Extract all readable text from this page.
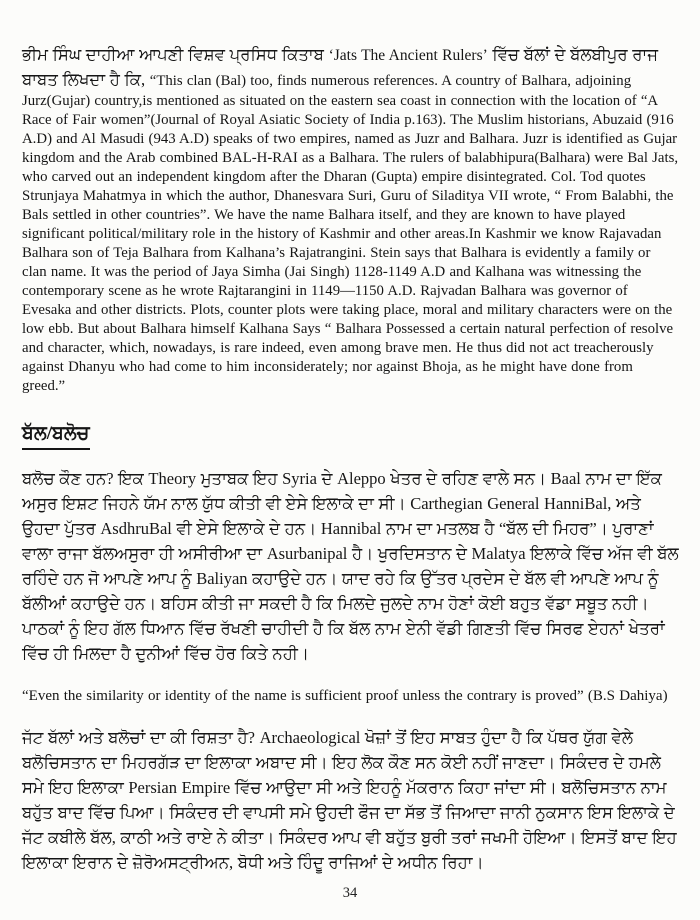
ਭੀਮ ਸਿੰਘ ਦਾਹੀਆ ਆਪਣੀ ਵਿਸ਼ਵ ਪ੍ਰਸਿਧ ਕਿਤਾਬ ‘Jats The Ancient Rulers’ ਵਿੱਚ ਬੱਲਾਂ ਦੇ ਬੱਲਬੀਪੁਰ ਰਾਜ ਬਾਬਤ ਲਿਖਦਾ ਹੈ ਕਿ, “This clan (Bal) too, finds numerous references. A country of Balhara, adjoining Jurz(Gujar) country,is mentioned as situated on the eastern sea coast in connection with the location of “A Race of Fair women”(Journal of Royal Asiatic Society of India p.163). The Muslim historians, Abuzaid (916 A.D) and Al Masudi (943 A.D) speaks of two empires, named as Juzr and Balhara. Juzr is identified as Gujar kingdom and the Arab combined BAL-H-RAI as a Balhara. The rulers of balabhipura(Balhara) were Bal Jats, who carved out an independent kingdom after the Dharan (Gupta) empire disintegrated. Col. Tod quotes Strunjaya Mahatmya in which the author, Dhanesvara Suri, Guru of Siladitya VII wrote, “ From Balabhi, the Bals settled in other countries”. We have the name Balhara itself, and they are known to have played significant political/military role in the history of Kashmir and other areas.In Kashmir we know Rajavadan Balhara son of Teja Balhara from Kalhana’s Rajatrangini. Stein says that Balhara is evidently a family or clan name. It was the period of Jaya Simha (Jai Singh) 1128-1149 A.D and Kalhana was witnessing the contemporary scene as he wrote Rajtarangini in 1149—1150 A.D. Rajvadan Balhara was governor of Evesaka and other districts. Plots, counter plots were taking place, moral and military characters were on the low ebb. But about Balhara himself Kalhana Says “ Balhara Possessed a certain natural perfection of resolve and character, which, nowadays, is rare indeed, even among brave men. He thus did not act treacherously against Dhanyu who had come to him inconsiderately; nor against Bhoja, as he might have done from greed.”

ਬੱਲ/ਬਲੋਚ

ਬਲੋਚ ਕੌਣ ਹਨ? ਇਕ Theory ਮੁਤਾਬਕ ਇਹ Syria ਦੇ Aleppo ਖੇਤਰ ਦੇ ਰਹਿਣ ਵਾਲੇ ਸਨ। Baal ਨਾਮ ਦਾ ਇੱਕ ਅਸੁਰ ਇਸ਼ਟ ਜਿਹਨੇ ਯੱਮ ਨਾਲ ਯੁੱਧ ਕੀਤੀ ਵੀ ਏਸੇ ਇਲਾਕੇ ਦਾ ਸੀ। Carthegian General HanniBal, ਅਤੇ ਉਹਦਾ ਪੁੱਤਰ AsdhruBal ਵੀ ਏਸੇ ਇਲਾਕੇ ਦੇ ਹਨ। Hannibal ਨਾਮ ਦਾ ਮਤਲਬ ਹੈ “ਬੱਲ ਦੀ ਮਿਹਰ”। ਪੁਰਾਣਾਂ ਵਾਲਾ ਰਾਜਾ ਬੱਲਅਸੁਰਾ ਹੀ ਅਸੀਰੀਆ ਦਾ Asurbanipal ਹੈ। ਖੁਰਦਿਸਤਾਨ ਦੇ Malatya ਇਲਾਕੇ ਵਿੱਚ ਅੱਜ ਵੀ ਬੱਲ ਰਹਿੰਦੇ ਹਨ ਜੋ ਆਪਣੇ ਆਪ ਨੂੰ Baliyan ਕਹਾਉਦੇ ਹਨ। ਯਾਦ ਰਹੇ ਕਿ ਉੱਤਰ ਪ੍ਰਦੇਸ ਦੇ ਬੱਲ ਵੀ ਆਪਣੇ ਆਪ ਨੂੰ ਬੱਲੀਆਂ ਕਹਾਉਦੇ ਹਨ। ਬਹਿਸ ਕੀਤੀ ਜਾ ਸਕਦੀ ਹੈ ਕਿ ਮਿਲਦੇ ਜੁਲਦੇ ਨਾਮ ਹੋਣਾਂ ਕੋਈ ਬਹੁਤ ਵੱਡਾ ਸਬੂਤ ਨਹੀ। ਪਾਠਕਾਂ ਨੂੰ ਇਹ ਗੱਲ ਧਿਆਨ ਵਿੱਚ ਰੱਖਣੀ ਚਾਹੀਦੀ ਹੈ ਕਿ ਬੱਲ ਨਾਮ ਏਨੀ ਵੱਡੀ ਗਿਣਤੀ ਵਿੱਚ ਸਿਰਫ ਏਹਨਾਂ ਖੇਤਰਾਂ ਵਿੱਚ ਹੀ ਮਿਲਦਾ ਹੈ ਦੁਨੀਆਂ ਵਿੱਚ ਹੋਰ ਕਿਤੇ ਨਹੀ।

“Even the similarity or identity of the name is sufficient proof unless the contrary is proved” (B.S Dahiya)

ਜੱਟ ਬੱਲਾਂ ਅਤੇ ਬਲੋਚਾਂ ਦਾ ਕੀ ਰਿਸ਼ਤਾ ਹੈ? Archaeological ਖੋਜ਼ਾਂ ਤੋਂ ਇਹ ਸਾਬਤ ਹੁੰਦਾ ਹੈ ਕਿ ਪੱਥਰ ਯੁੱਗ ਵੇਲੇ ਬਲੋਚਿਸਤਾਨ ਦਾ ਮਿਹਰਗੱੜ ਦਾ ਇਲਾਕਾ ਅਬਾਦ ਸੀ। ਇਹ ਲੋਕ ਕੌਣ ਸਨ ਕੋਈ ਨਹੀਂ ਜਾਣਦਾ। ਸਿਕੰਦਰ ਦੇ ਹਮਲੇ ਸਮੇ ਇਹ ਇਲਾਕਾ Persian Empire ਵਿੱਚ ਆਉਦਾ ਸੀ ਅਤੇ ਇਹਨੂੰ ਮੱਕਰਾਨ ਕਿਹਾ ਜਾਂਦਾ ਸੀ। ਬਲੋਚਿਸਤਾਨ ਨਾਮ ਬਹੁੱਤ ਬਾਦ ਵਿੱਚ ਪਿਆ। ਸਿਕੰਦਰ ਦੀ ਵਾਪਸੀ ਸਮੇ ਉਹਦੀ ਫੌਜ ਦਾ ਸੱਭ ਤੋਂ ਜਿਆਦਾ ਜਾਨੀ ਨੁਕਸਾਨ ਇਸ ਇਲਾਕੇ ਦੇ ਜੱਟ ਕਬੀਲੇ ਬੱਲ, ਕਾਠੀ ਅਤੇ ਰਾਏ ਨੇ ਕੀਤਾ। ਸਿਕੰਦਰ ਆਪ ਵੀ ਬਹੁੱਤ ਬੁਰੀ ਤਰਾਂ ਜਖਮੀ ਹੋਇਆ। ਇਸਤੋਂ ਬਾਦ ਇਹ ਇਲਾਕਾ ਇਰਾਨ ਦੇ ਜ਼ੋਰੋਅਸਟ੍ਰੀਅਨ, ਬੋਧੀ ਅਤੇ ਹਿੰਦੂ ਰਾਜਿਆਂ ਦੇ ਅਧੀਨ ਰਿਹਾ।

34
